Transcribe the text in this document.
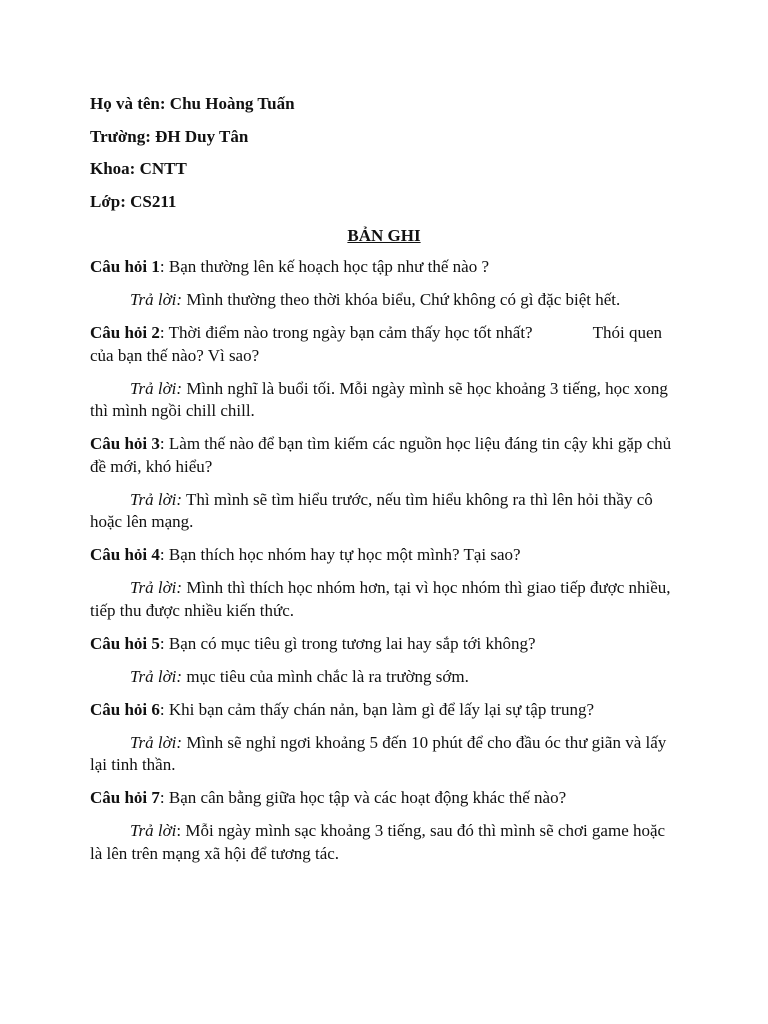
Họ và tên: Chu Hoàng Tuấn

Trường: ĐH Duy Tân

Khoa: CNTT

Lớp: CS211

BẢN GHI

Câu hỏi 1: Bạn thường lên kế hoạch học tập như thế nào ?

Trả lời: Mình thường theo thời khóa biểu, Chứ không có gì đặc biệt hết.

Câu hỏi 2: Thời điểm nào trong ngày bạn cảm thấy học tốt nhất?	Thói quen của bạn thế nào? Vì sao?

Trả lời: Mình nghĩ là buổi tối. Mỗi ngày mình sẽ học khoảng 3 tiếng, học xong thì mình ngồi chill chill.

Câu hỏi 3: Làm thế nào để bạn tìm kiếm các nguồn học liệu đáng tin cậy khi gặp chủ đề mới, khó hiểu?

Trả lời: Thì mình sẽ tìm hiểu trước, nếu tìm hiểu không ra thì lên hỏi thầy cô hoặc lên mạng.

Câu hỏi 4: Bạn thích học nhóm hay tự học một mình? Tại sao?

Trả lời: Mình thì thích học nhóm hơn, tại vì học nhóm thì giao tiếp được nhiều, tiếp thu được nhiều kiến thức.

Câu hỏi 5: Bạn có mục tiêu gì trong tương lai hay sắp tới không?

Trả lời: mục tiêu của mình chắc là ra trường sớm.

Câu hỏi 6: Khi bạn cảm thấy chán nản, bạn làm gì để lấy lại sự tập trung?

Trả lời: Mình sẽ nghỉ ngơi khoảng 5 đến 10 phút để cho đầu óc thư giãn và lấy lại tinh thần.

Câu hỏi 7: Bạn cân bằng giữa học tập và các hoạt động khác thế nào?

Trả lời: Mỗi ngày mình sạc khoảng 3 tiếng, sau đó thì mình sẽ chơi game hoặc là lên trên mạng xã hội để tương tác.
